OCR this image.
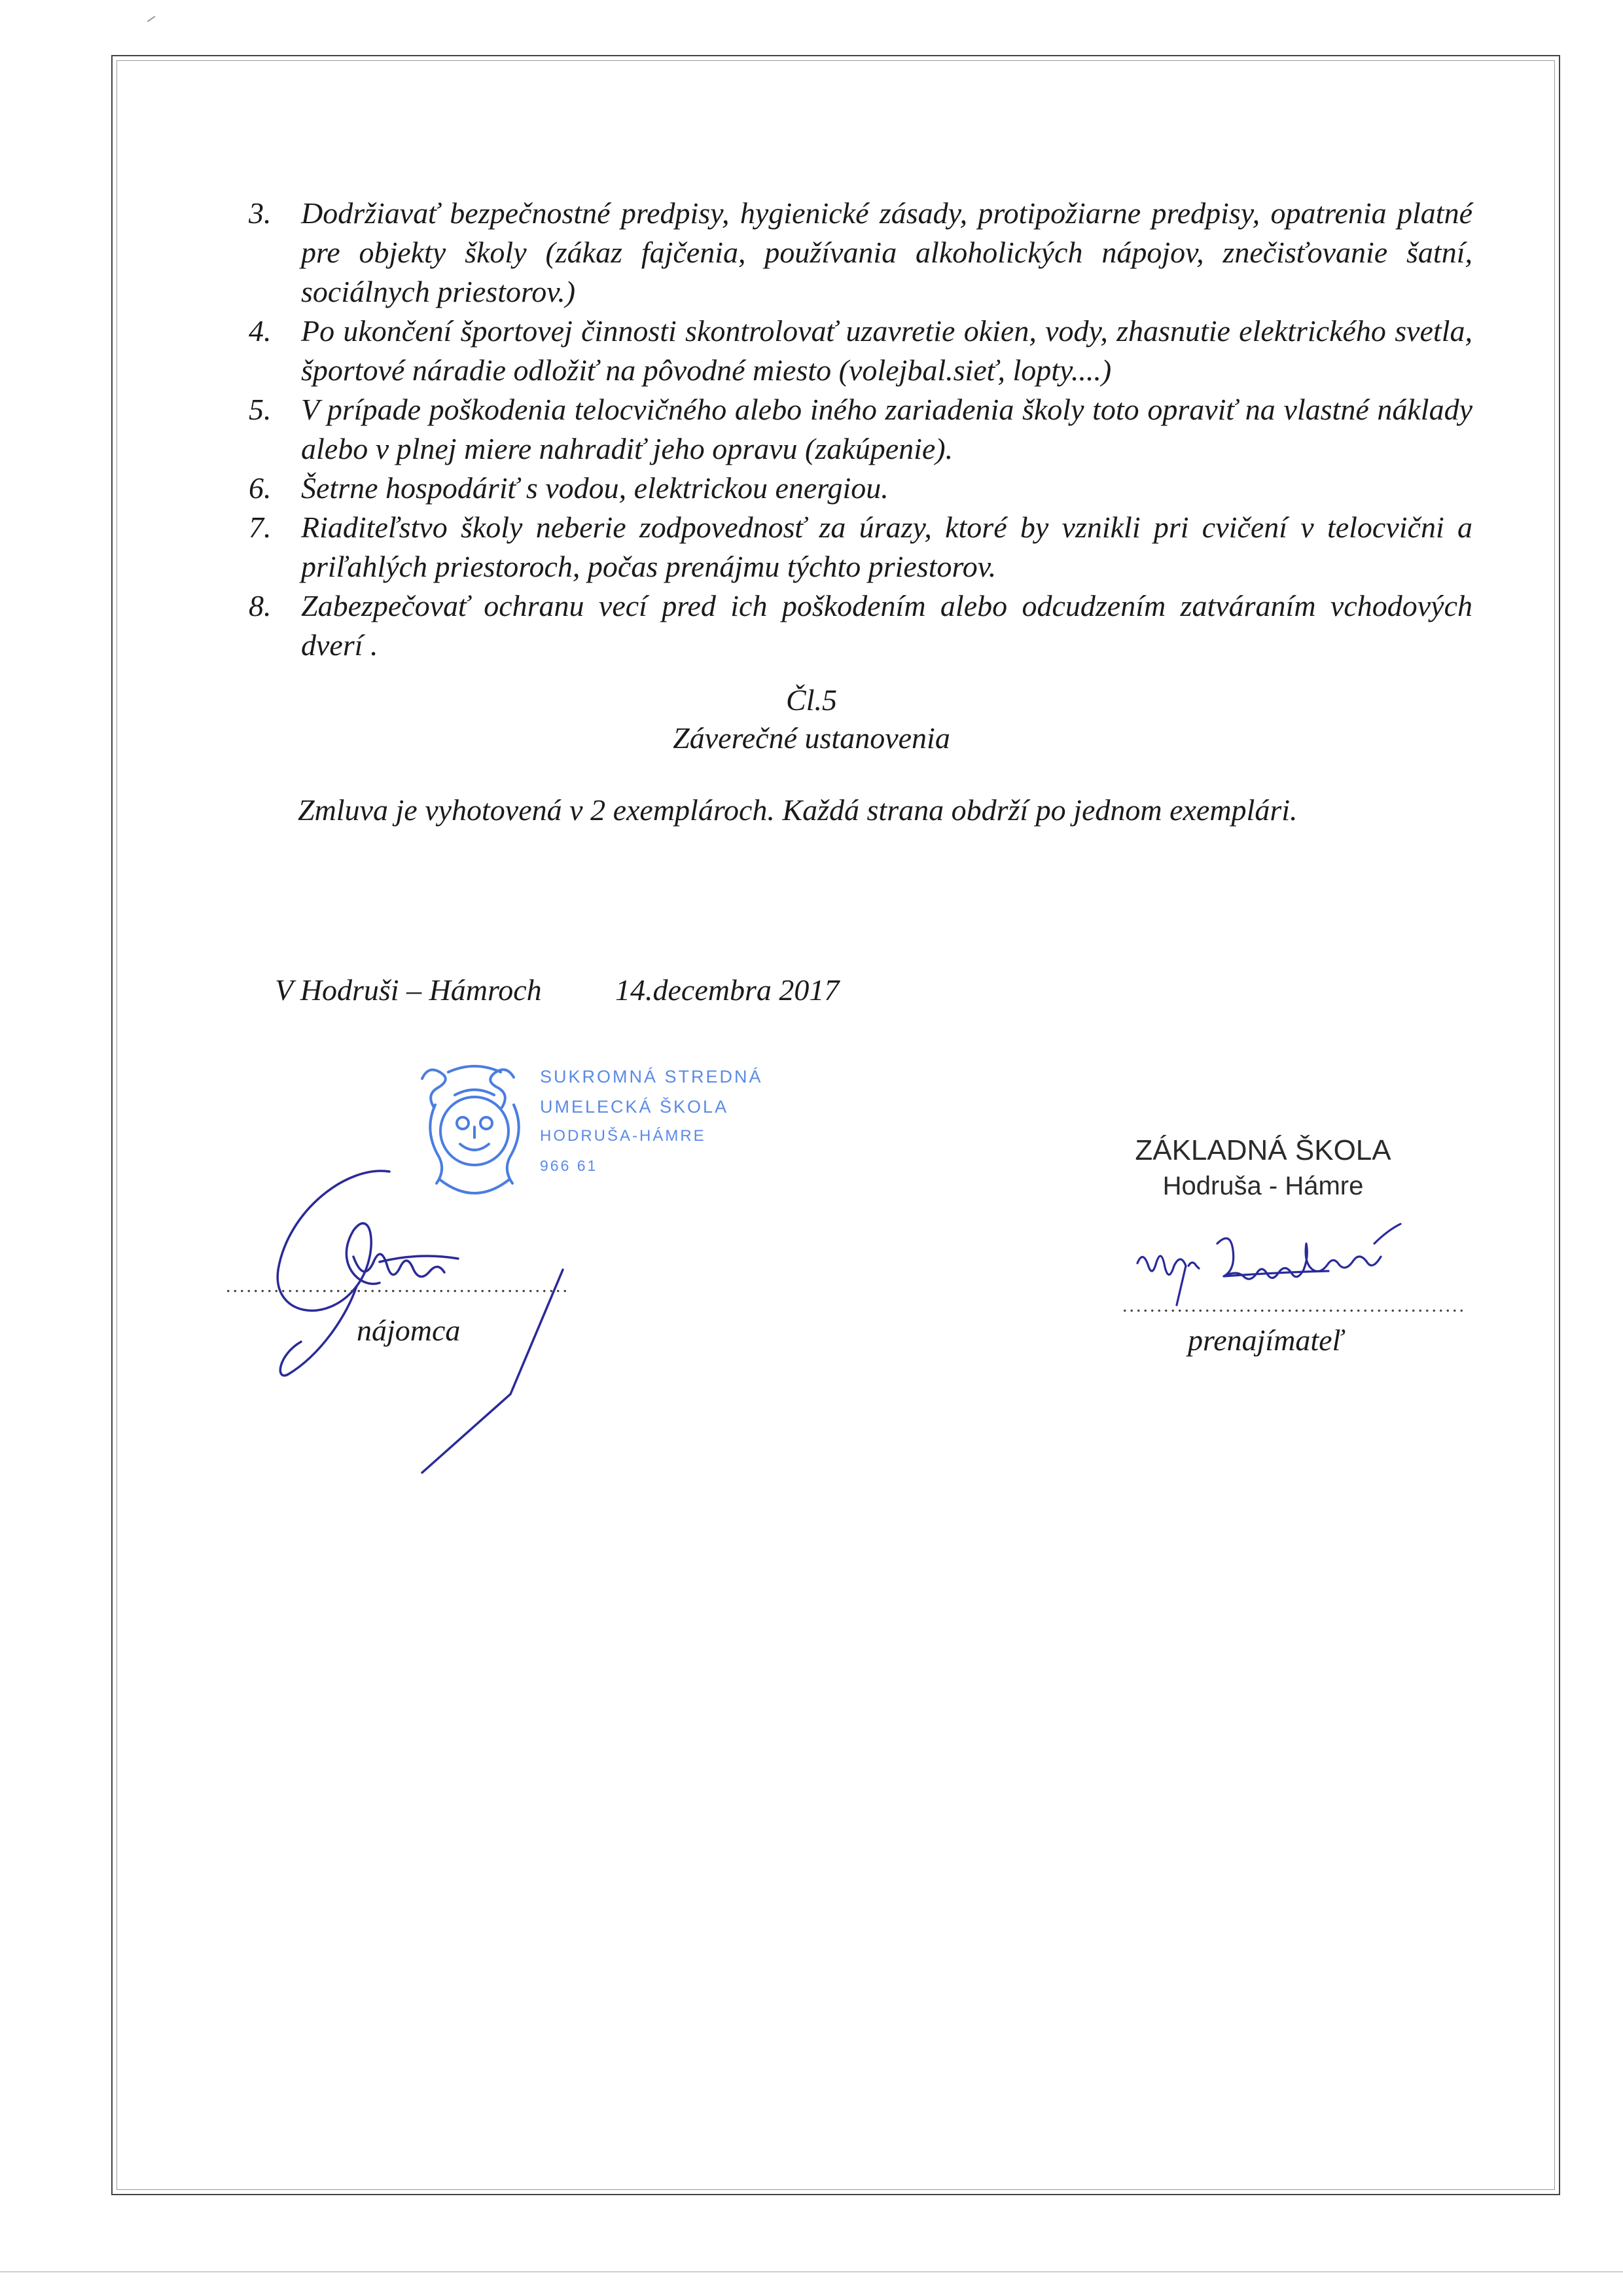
3. Dodržiavať bezpečnostné predpisy, hygienické zásady, protipožiarne predpisy, opatrenia platné pre objekty školy (zákaz fajčenia, používania alkoholických nápojov, znečisťovanie šatní, sociálnych priestorov.)
4. Po ukončení športovej činnosti skontrolovať uzavretie okien, vody, zhasnutie elektrického svetla, športové náradie odložiť na pôvodné miesto (volejbal.sieť, lopty....)
5. V prípade poškodenia telocvičného alebo iného zariadenia školy toto opraviť na vlastné náklady alebo v plnej miere nahradiť jeho opravu (zakúpenie).
6. Šetrne hospodáriť s vodou, elektrickou energiou.
7. Riaditeľstvo školy neberie zodpovednosť za úrazy, ktoré by vznikli pri cvičení v telocvični a priľahlých priestoroch, počas prenájmu týchto priestorov.
8. Zabezpečovať ochranu vecí pred ich poškodením alebo odcudzením zatváraním vchodových dverí .
Čl.5
Záverečné ustanovenia
Zmluva je vyhotovená v 2 exemplároch. Každá strana obdrží po jednom exemplári.
V Hodruši – Hámroch 14.decembra 2017
SUKROMNÁ STREDNÁ
UMELECKÁ ŠKOLA
HODRUŠA-HÁMRE
966 61	ZÁKLADNÁ ŠKOLA
Hodruša - Hámre
..................................................
nájomca
..................................................
prenajímateľ
